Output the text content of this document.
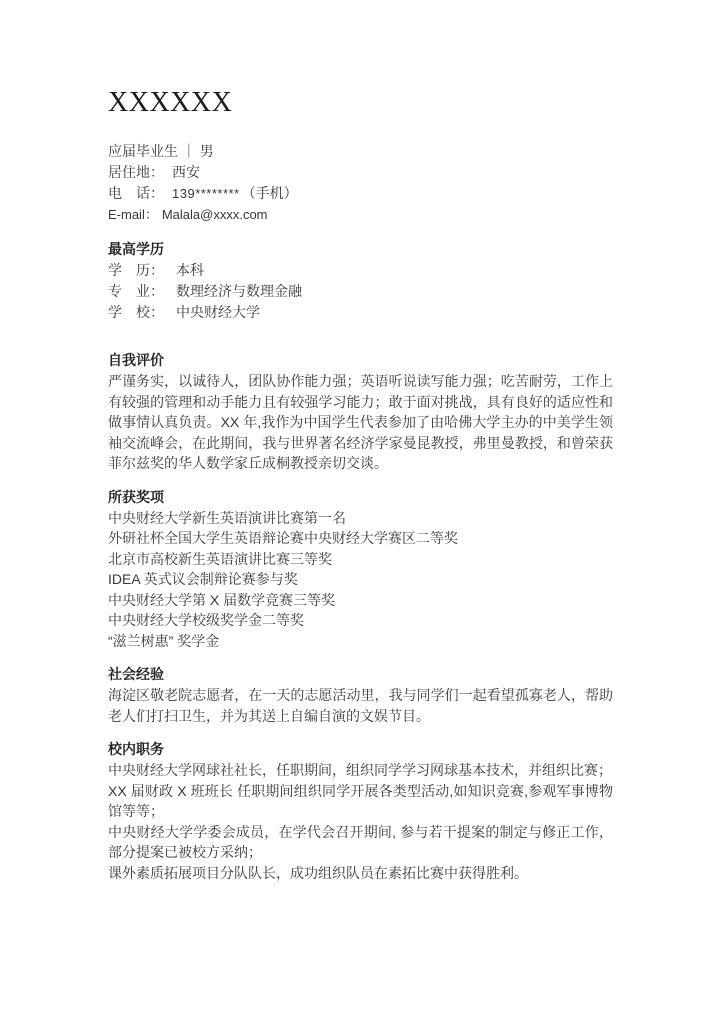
XXXXXX
应届毕业生 ｜ 男
居住地： 西安
电　话： 139******** （手机）
E-mail： Malala@xxxx.com
最高学历
学　历： 本科
专　业： 数理经济与数理金融
学　校： 中央财经大学
自我评价

严谨务实，以诚待人，团队协作能力强；英语听说读写能力强；吃苦耐劳，工作上有较强的管理和动手能力且有较强学习能力；敢于面对挑战，具有良好的适应性和做事情认真负责。XX 年,我作为中国学生代表参加了由哈佛大学主办的中美学生领袖交流峰会，在此期间，我与世界著名经济学家曼昆教授，弗里曼教授，和曾荣获菲尔兹奖的华人数学家丘成桐教授亲切交谈。

所获奖项
中央财经大学新生英语演讲比赛第一名
外研社杯全国大学生英语辩论赛中央财经大学赛区二等奖
北京市高校新生英语演讲比赛三等奖
IDEA 英式议会制辩论赛参与奖
中央财经大学第 X 届数学竞赛三等奖
中央财经大学校级奖学金二等奖
“滋兰树惠” 奖学金
社会经验

海淀区敬老院志愿者，在一天的志愿活动里，我与同学们一起看望孤寡老人，帮助老人们打扫卫生，并为其送上自编自演的文娱节目。

校内职务
中央财经大学网球社社长，任职期间，组织同学学习网球基本技术，并组织比赛；
XX 届财政 X 班班长 任职期间组织同学开展各类型活动,如知识竞赛,参观军事博物馆等等；
中央财经大学学委会成员，在学代会召开期间, 参与若干提案的制定与修正工作，部分提案已被校方采纳；
课外素质拓展项目分队队长，成功组织队员在素拓比赛中获得胜利。
